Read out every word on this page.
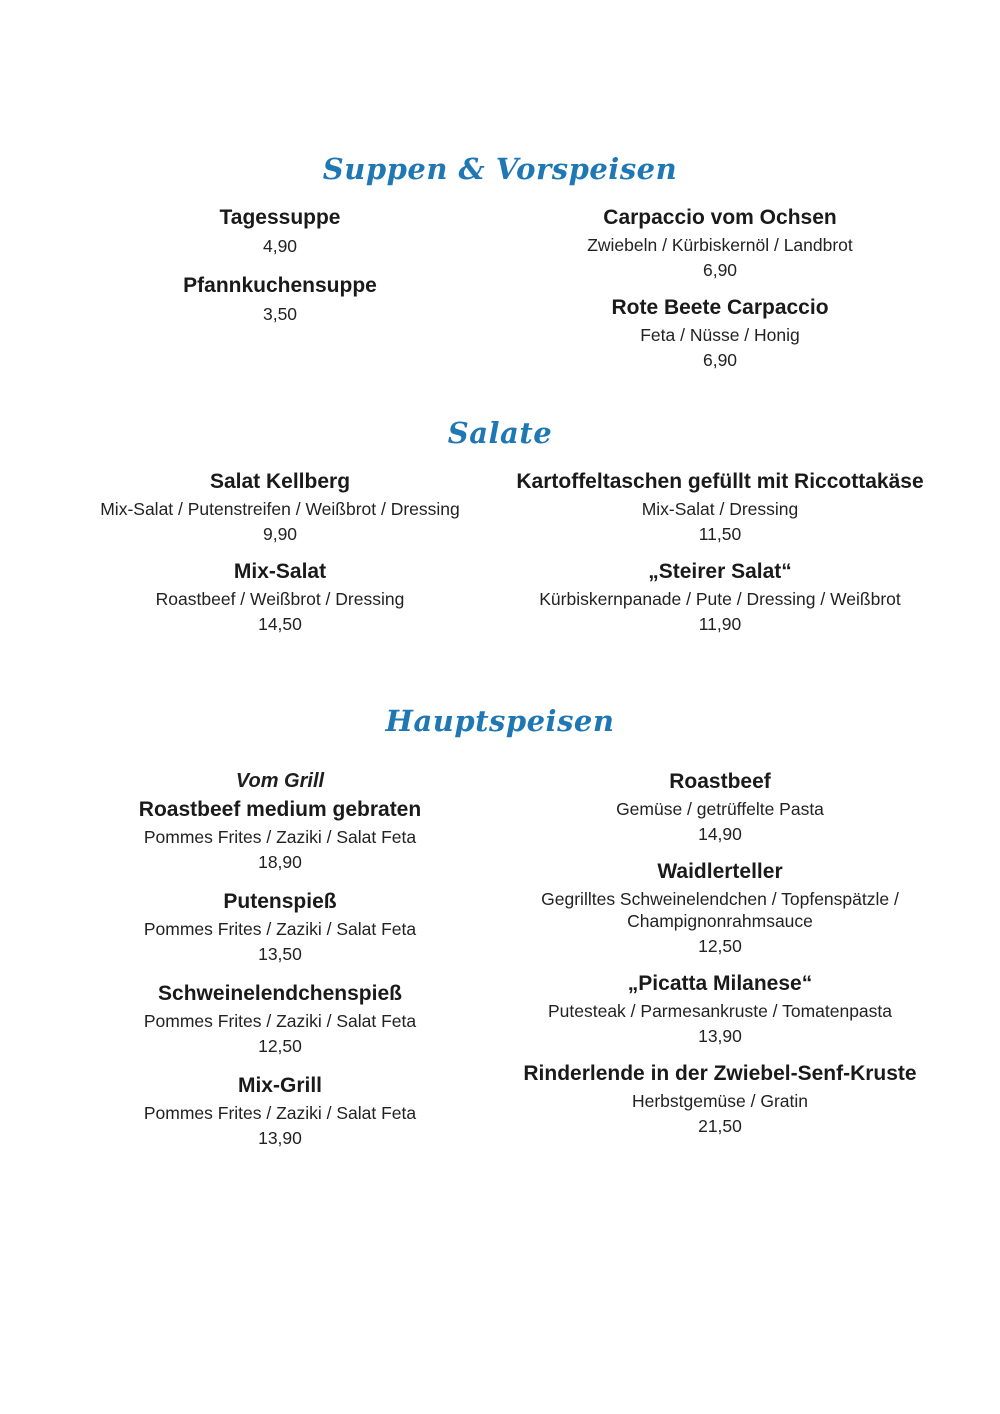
Suppen & Vorspeisen
Tagessuppe
4,90
Pfannkuchensuppe
3,50
Carpaccio vom Ochsen
Zwiebeln / Kürbiskernöl / Landbrot
6,90
Rote Beete Carpaccio
Feta / Nüsse / Honig
6,90
Salate
Salat Kellberg
Mix-Salat / Putenstreifen / Weißbrot / Dressing
9,90
Mix-Salat
Roastbeef / Weißbrot / Dressing
14,50
Kartoffeltaschen gefüllt mit Riccottakäse
Mix-Salat / Dressing
11,50
„Steirer Salat“
Kürbiskernpanade / Pute / Dressing / Weißbrot
11,90
Hauptspeisen
Vom Grill
Roastbeef medium gebraten
Pommes Frites / Zaziki / Salat Feta
18,90
Putenspieß
Pommes Frites / Zaziki / Salat Feta
13,50
Schweinelendchenspieß
Pommes Frites / Zaziki / Salat Feta
12,50
Mix-Grill
Pommes Frites / Zaziki / Salat Feta
13,90
Roastbeef
Gemüse / getrüffelte Pasta
14,90
Waidlerteller
Gegrilltes Schweinelendchen / Topfenspätzle / Champignonrahmsauce
12,50
„Picatta Milanese“
Putesteak / Parmesankruste / Tomatenpasta
13,90
Rinderlende in der Zwiebel-Senf-Kruste
Herbstgemüse / Gratin
21,50
